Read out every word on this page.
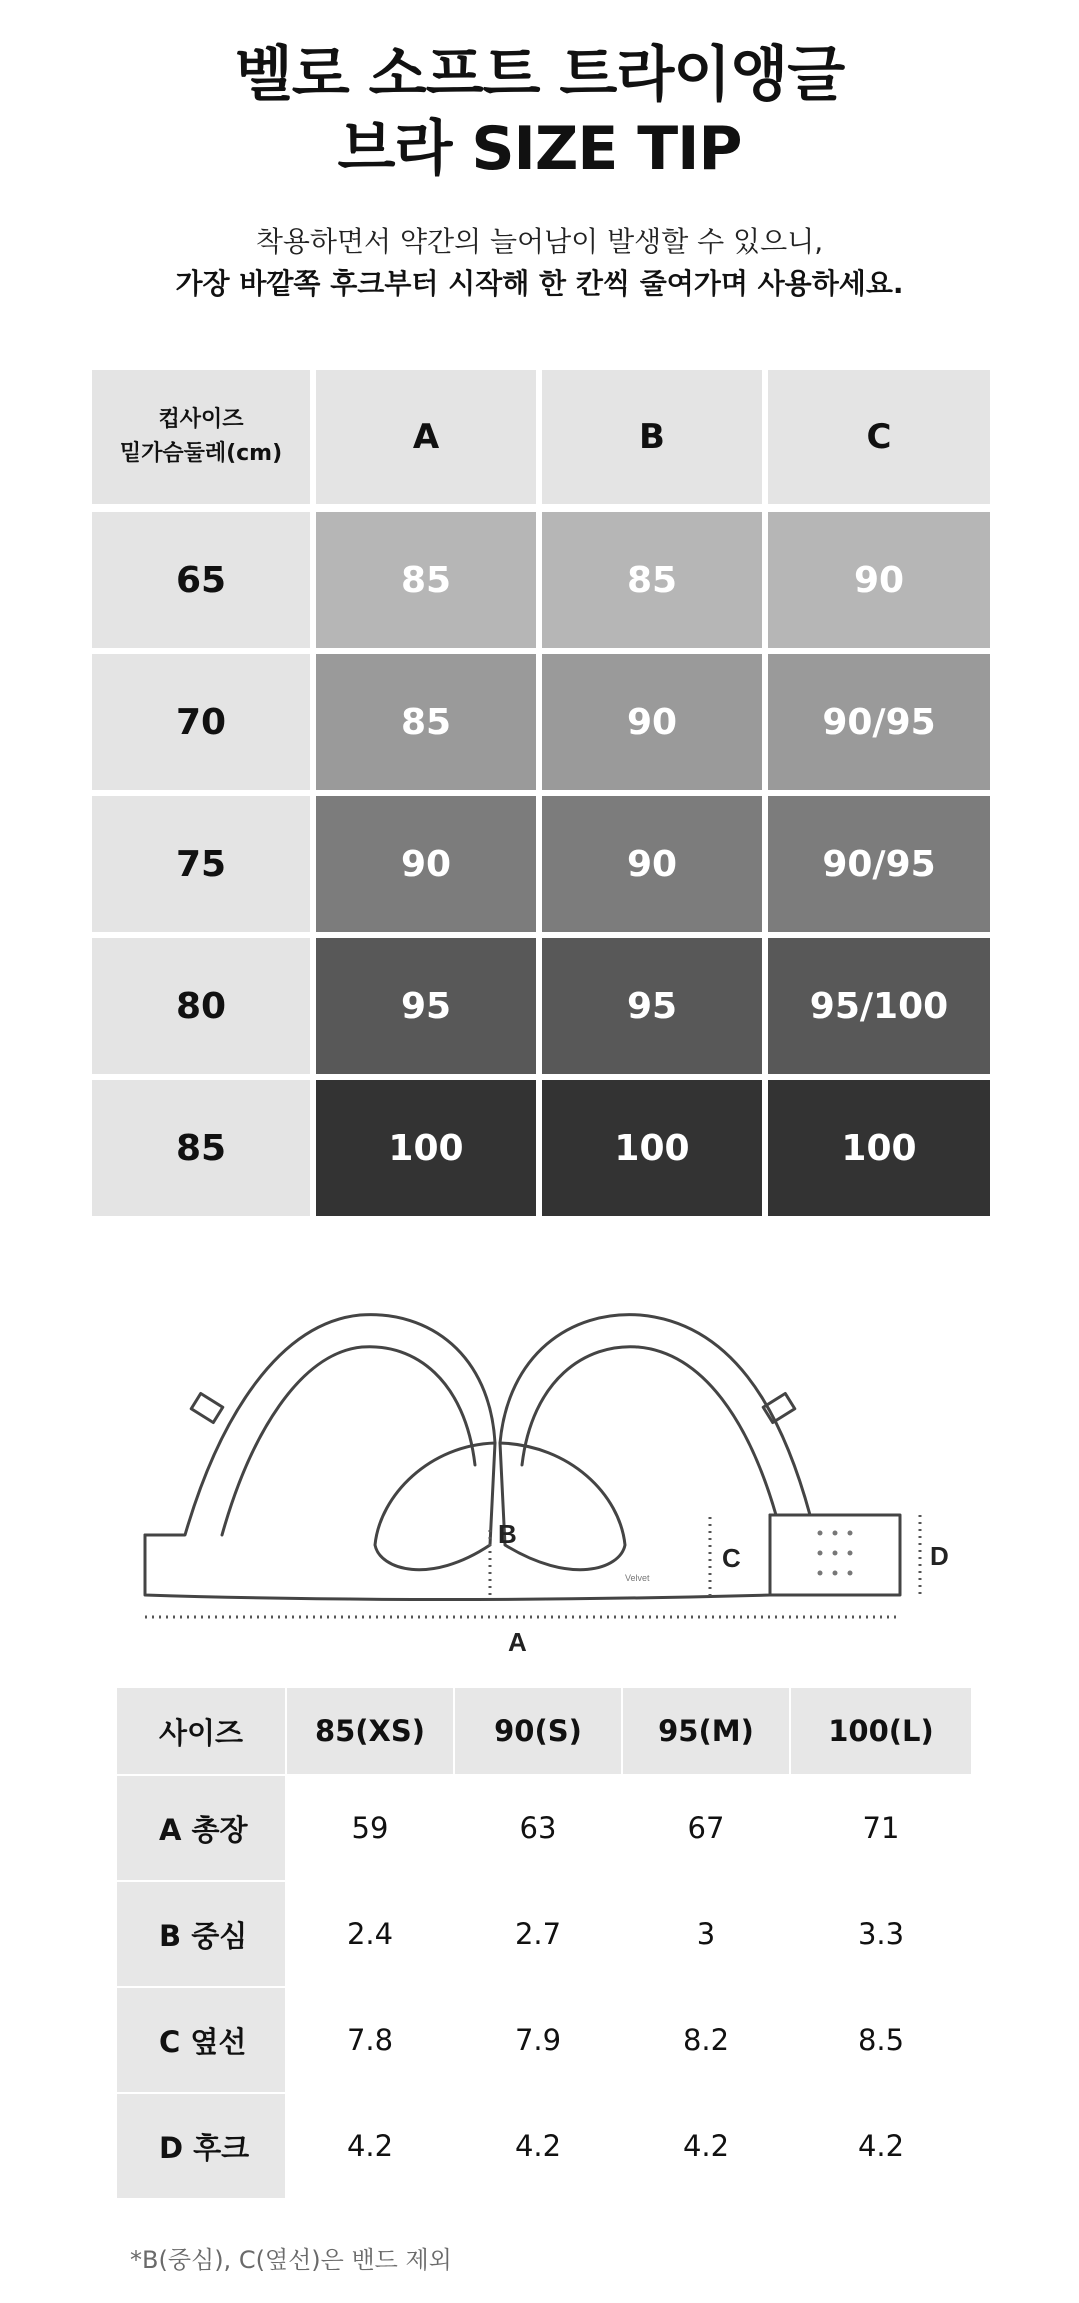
벨로 소프트 트라이앵글
브라 SIZE TIP
착용하면서 약간의 늘어남이 발생할 수 있으니,
가장 바깥쪽 후크부터 시작해 한 칸씩 줄여가며 사용하세요.
컵사이즈
밑가슴둘레(cm)	A	B	C
65	85	85	90
70	85	90	90/95
75	90	90	90/95
80	95	95	95/100
85	100	100	100
B
C	D
A
Velvet
사이즈	85(XS)	90(S)	95(M)	100(L)
A 총장	59	63	67	71
B 중심	2.4	2.7	3	3.3
C 옆선	7.8	7.9	8.2	8.5
D 후크	4.2	4.2	4.2	4.2
*B(중심), C(옆선)은 밴드 제외
